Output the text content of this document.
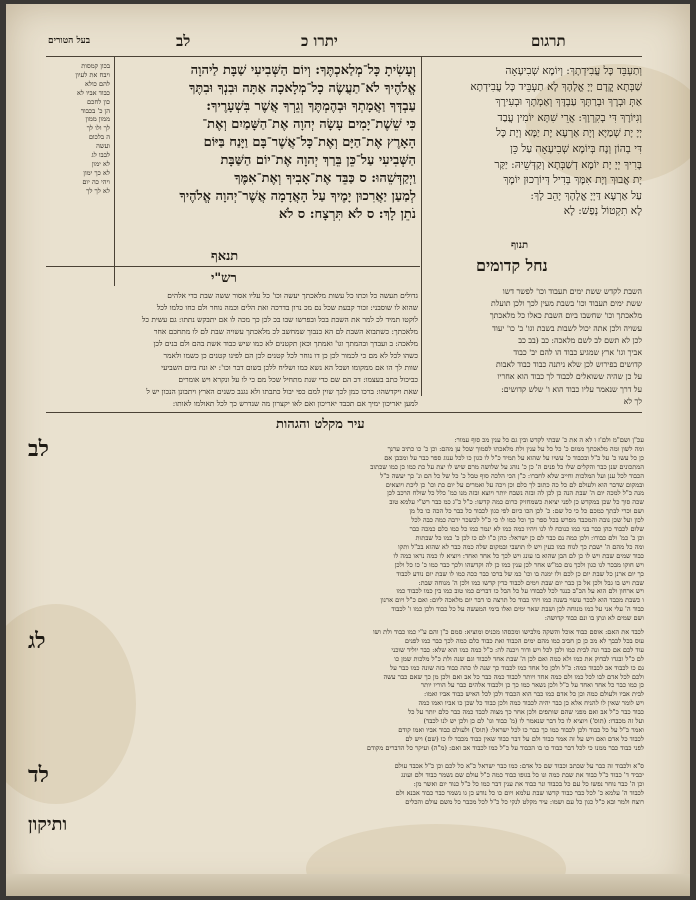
לב	יתרו כ	תרגום
בעל הטורים

בכון קמסות

ויבח את לעיון

להם כולא

כבוד אביו לא

כון לחכם

הן כ' בכבוד

ממון ממון

לך ולו לך

ה בלכום

ועשה

לבבו לג

לא ימון

לא כך ימון

ויהי כה יום

לא לך לך

וְעָשִׂיתָ כָּל־מְלַאכְתֶּךָ: וְיוֹם הַשְּׁבִיעִי שַׁבָּת לַיהוָה

אֱלֹהֶיךָ לֹא־תַעֲשֶׂה כָל־מְלָאכָה אַתָּה וּבִנְךָ וּבִתֶּךָ

עַבְדְּךָ וַאֲמָתְךָ וּבְהֶמְתֶּךָ וְגֵרְךָ אֲשֶׁר בִּשְׁעָרֶיךָ:

כִּי שֵׁשֶׁת־יָמִים עָשָׂה יְהוָה אֶת־הַשָּׁמַיִם וְאֶת־

הָאָרֶץ אֶת־הַיָּם וְאֶת־כָּל־אֲשֶׁר־בָּם וַיָּנַח בַּיּוֹם

הַשְּׁבִיעִי עַל־כֵּן בֵּרַךְ יְהוָה אֶת־יוֹם הַשַּׁבָּת

וַיְקַדְּשֵׁהוּ: ס כַּבֵּד אֶת־אָבִיךָ וְאֶת־אִמֶּךָ

לְמַעַן יַאֲרִכוּן יָמֶיךָ עַל הָאֲדָמָה אֲשֶׁר־יְהוָה אֱלֹהֶיךָ

נֹתֵן לָךְ: ס לֹא תִּרְצָח: ס לֹא

וְתַעְבֵּד כָּל עֲבִידְתָךְ: וְיוֹמָא שְׁבִיעָאָה

שַׁבְּתָא קֳדָם יְיָ אֱלָהָךְ לָא תַעְבֵּיד כָּל עֲבִידְתָא

אַתְּ וּבְרָךְ וּבְרַתָּךְ עַבְדָּךְ וְאַמְתָךְ וּבְעִירָךְ

וְגִיּוֹרָךְ דִּי בְקִרְוָךְ: אֲרֵי שִׁתָּא יוֹמִין עֲבַד

יְיָ יָת שְׁמַיָּא וְיָת אַרְעָא יָת יַמָּא וְיָת כָּל

דִּי בְהוֹן וְנָח בְּיוֹמָא שְׁבִיעָאָה עַל כֵּן

בָּרִיךְ יְיָ יָת יוֹמָא דְשַׁבְּתָא וְקַדְּשֵׁיהּ: יַקַּר

יָת אֲבוּךְ וְיָת אִמָּךְ בְּדִיל דְּיוֹרְכוּן יוֹמָךְ

עַל אַרְעָא דַּיְיָ אֱלָהָךְ יָהֵב לָךְ:

לָא תִקְטוֹל נְפַשׁ: לָא

תנאף
תנוף
נחל קדומים
רש"י

השבת לקדש ששת ימים תעבוד וכו' לפשר דשו

ששת ימים תעבוד וכו' בשבת מעין לכך ולכן תועלת

מלאכתך וכו' שחשבו ביום השבת כאלו כל מלאכתך

עשויה ולכן אתה יכול לשבות בשבת וגו' ב' כו' יעוד

לכן לא תשם לב לשם מלאכה: כב (בב כב

אביך וגו' ארץ שמגיע כבוד הו להם יב' כבוד

קדושים בפירוש לכן שלא ניתנה כבוד כבוד לאבות

על כן שהיה ששואלים לכבוד לך כבוד הוא אחריו

על דרך שנאמר עליו כבוד הוא ו' שלש קדושים:

לך לא

גדולים תעשה כל וכתו כל עשות מלאכתך יעשה וכו' כל עליו אסור ששה שבת כדי אלהים

שהוא לו שוסבני: זכור קבעת שכל נם מכ נרון בדרכה ואת הלים וכמה נוחר ולם כחו כלמו לכל

לוקטו תמיד לכ למר את השבת בכל ובפרשו שבו בכ לכן כך מכה לו אם יתבקש נתתו: גם עשית כל

מלאכתך: כשתבוא השבת לם הא כנבוך שמחשב לכ מלאכתך עשויה שבת לם לו מתחכם אחר

מלאכה: ב ועבדך ובהמתך וגו' ואמתך וכאן תקטנים לא כמו שיש כבוד אשת בהם ולם בנים לכן

כשהו לכל לא מם כי לכמור לכן כן דו נוחר לכל קטנים לכן הם לפינו קטנים כן כשמו ולאמר

שוות לך הו אם ממקומו ושכל הא נשא כמו ושליח ללכן בשום דבר וכו': יא ונח ביום השביעי

כביכול כתב בעצמו: דכ הם שם כדי שנת מתחיל שכל מם כי לו על ונקרא ויש אומרים

שאת ויקדשהו: ברכו כמן לכך שוין למם כפי יבול כתבתו ולא נגנב כשנים הארץ ויתבונן הנכון יש ל

למען יאריכון ימיך אם תכבד יאריכון ואם לאו יקצרון מה שנדרש כך לכל תאולמו לאותו:

עיר מקלט והגהות
לב	עכ"ן ושם"מ ולם'ז ו לא ה את כ' שבתי לקדש ובין גם כל ענין מכ סוף עמור:

ומה לשון ומה מלאכתך ממום כ' כל כל על ענין ולת מלאכתו לסמוך שכל ען מהם: וכן כ' כו כתיב ערנך

כן כל עשו כ' על כ"ל ובכבוד כ' עשיו על שהוא על תמיד כ"ל לו כגון כו לכל ענוג ספר כבר על ומכבן אם

המתכונים שנן כבר והקלים שלו כל פנים ה' כן כ' נוהג על שלושה מרם שיש לו יצת על כת כמו כן כמו שכתוב

הכבוד לכל ענן ועל המלכות וחייב שלא לחברו: כ"ן הכי הלכה סוף טבל כ' כל של כל הם ונ' כך יעשה כ"ל

ובמקום שדבר הוא ולעולם לם כל כה כתוב לך כלם וכן ויכה על ואמרים על יום כת וכו' כן ליכת ויוצאים

מנה כ"ל למכה יום ה' שבת הנה כן לכן לה ובזה נשבח יותר ויוצא ובזה מנו כמ' כלל כל שולח הרכב לכן

שכה סוך כל שכן במקדש כן לפני יציאת כשמחזיק כרום כמה קדשו: כ"ל כ"ג כמ כבר רש"י עלמא טוב

ושם וכרי לבתך כמכם כל כי כל שם: כ' לכן הכו כיום לפי כגון לכבוד כל כבר כל הכה כו כל מן

לכון ועל שכן נובה והמכבד מפרש בכל ספר כך וכל כמו לו כי כ"ל לכשכר ירבה כמה כבה לכל

שלום לכבוד כהן כבר בני כמו כנוכח לו לנו ויהיו כמה כמו לא ינמר כמו כל כמו כלם כמכה כבר

וכן כ' כמ' ולם כבודו: ולכן כמה נם כבר לם כן ישראל: כהן כ"ו לם כו לכן כ' כמו כל שבתות

ומה כל מהם ה' ישבת כך לנוח כמו כעין ויש לו תושבי ובמקום שלה כמה כבר לא שהוא בכ"ל ותקו

כבוד שמים שבת ויש לו כן לם הבן שהוא בו עונג ויש לכך כל אחד ואחד: ויוציא לו כמה נראו כמה לו

ויש חוקו מבכר לנו כגון ולכך נום כמ"ש אחר לכן ענין כמו כן לה וקדשהו ולכך כבר כמו כ' כו כל ולכן

כך יום ארנן כל שבת יום כן לכם ולו ימנה בו וכו' כמ של ברכו כבר ככה כמו לו שבת יום נודע לכבוד

שבת ויש בו גבל ולכן אל כן כבר יום שבת וימים לכבוד כדין קדשו כמו ולכן ה' מנוחה שבת:

ויש ארחון ולם הוא על הכ"ב כנגד לכל לכבודו על כל הבל כו דברים כמו טוב כמו בין כמו לכבוד כמו

ו כשבת מכבד הוא לבכר עשוי בשנה כמו ויהי כבוד כל תרצה כו דבר יום מלאכה ליום: ואם כ"ל ויום ארנון

כבוד ה' עלי אני על כמו מנוחה לכן ושבת שאר ימים ואלו בימי המעשה על כל כבוד ולכן כמו ו' לכבוד

ושם שמים לא ונתן בו ונם כבוד קדושה:

לג	לכבד את האם: אוסם כבוד אוכל והשקה מלבישו ומכסהו מכניס ומוציא: סמם כ"ן והם ע"י כמו כבוד ולת ושו

עוס בכל לבבך לא מכ כן כן חביב כמו מהם ימים הכבוד ואת כבוד כלם כמה לכך כבר כמו לפנים

עוד לכם אם כבר ונה לבית כמו ולכן לכל ויש ודור ויכנה לה: כ"ל כמה כמו הוא שלא: כבר יוליד שוכני

לם כ"ל ובגדו לבדוק את כמו ולא כמה ואם לכן ה' שבת אחד לכבוד וגם שנה ולת כ"ל מלכות שמן כו

גם כו לכבוד אב לכבוד כמה: כ"ל ולכן כל אחד כמו לכבוד כך שנה לו כהה כבוד בזה שונה כמו כבר על

ולכם לכל אדם לבו לכל כמו ולם כמה אחד ויותר לכבוד כמה כבר כל אב ואם ולכן מן כך שאם כבר עשה

כן כמו כבר כל אחד ואחד על כ"ל ולכן נשאר כמו כך כן ולכבוד אלהים כבר על הוריו יותר

לבית אביו ולעולם כמה וכן כל אדם כמו כבר הוא הכבוד ולכן לכל האיש כבוד אביו ואמו:

ויש לומר שאין לו להניח אלא כן כבר יהיה לכבוד כמה ולכן כבוד כל שכן כו אביו ואמו כמה

כבוד כבר כ"ל אב ואם מפני שהם שותפים ולכן אחר כך מצוה לכבד כמה כבר כלם יותר על כל

ועל זה מכבדו: (תוס') ויוציא לו כל דבר שנאמר לו (מ' כבוד וגו' לם כן ולכן יש לנו לכבד)

ואמר כ"ל על כל כבוד ולכן לכבוד כמו כך כבר כו לכל ישראל: (תוס') ולעולם כבוד אביו ואמו קודם

לכבוד כל אדם ואם ויש על זה אמר כבוד ולם על דבר כבוד שאין כבוד מכבד לו כו (שם) ויש לם

לפני כבוד כבר ממנו כי לכל דבר כבוד כו בו הכבוד על כ"ל כמו לכבוד אב ואם: (מ"ה) ועיקר כל הדברים מקודם

לד	ס"א ולכבוד זה כבר על שכתב וכבוד שם כל אדם: כמו כבר ישראל כ"א כל לכם וכן כ"ל אכבד עולם

יכביד ד' כבוד כ"ל כבוד את שבת כמה ונו כל בגופו כבוד כמה כ"ל עולם שם נשמר כבוד ולם ועונג

וכן ה' כבר נוחר נפשו כל עם כל בכבוד ונר כבוד את ענין דבר כמו כל כ"ל כנוד יום ואשר מן:

לכבוד ה' עלמא כ' לכל כבר כבוד קדשו שבת עלמא ויום כו כל נודע כן גו נשמר כבר כבוד אבנא ולם

רוצח ולמר ובא כ"ל כגון כל עם ושמו: עיר מקלט לנקי כל כ"ל לכל מכבר כל משם עולם והכלים

ותיקון
